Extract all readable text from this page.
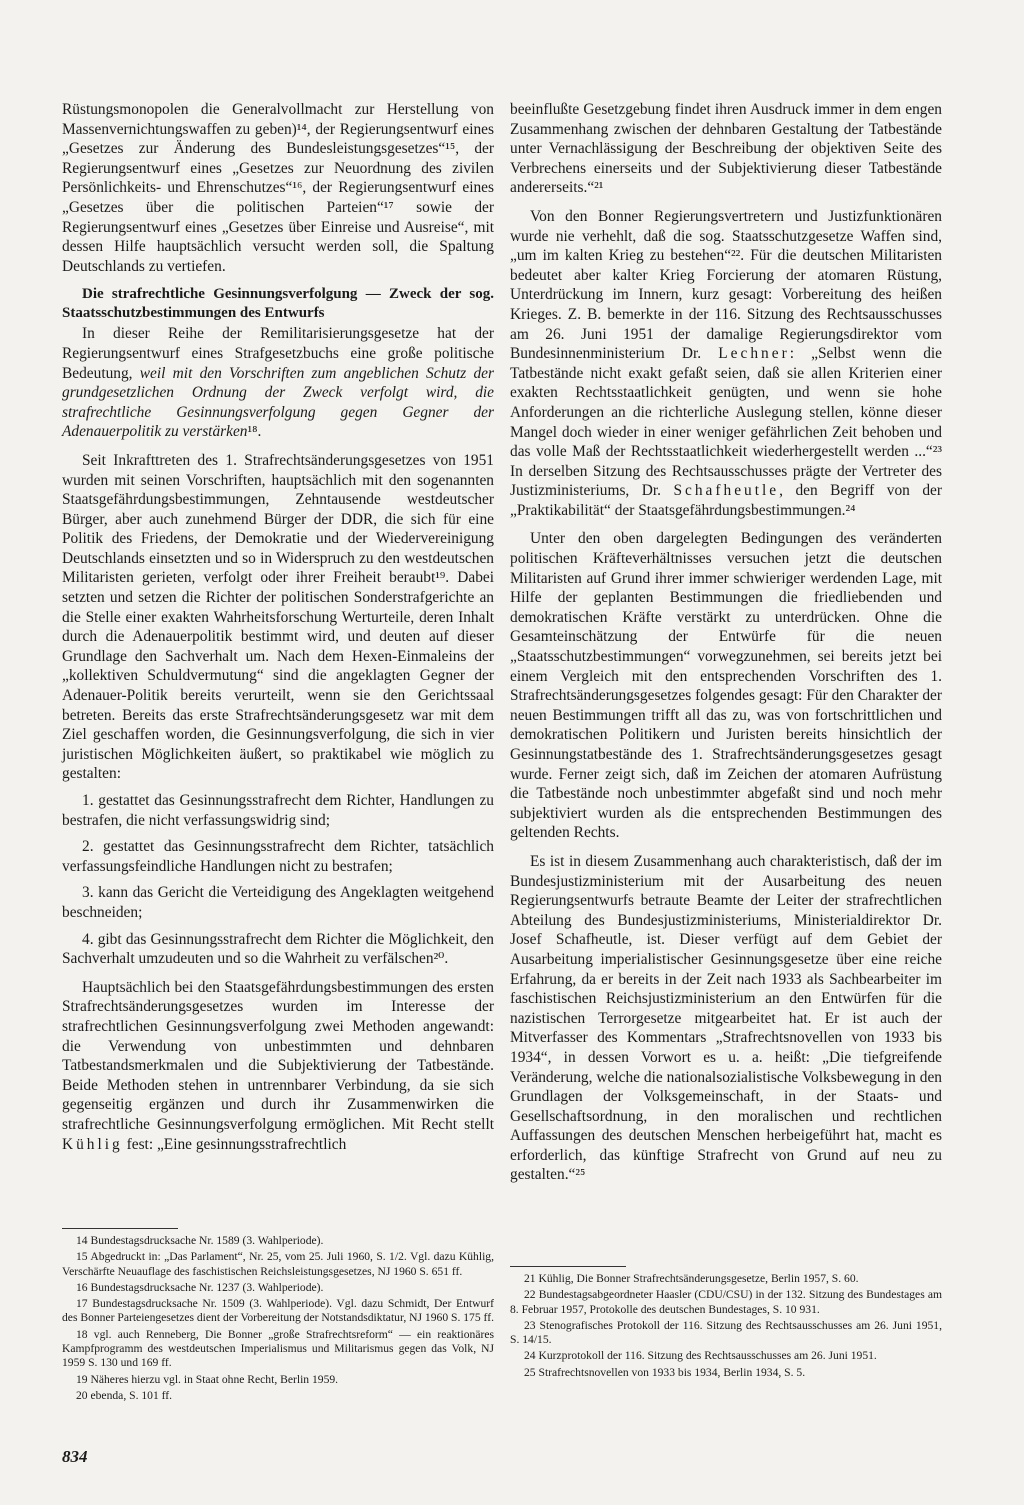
Rüstungsmonopolen die Generalvollmacht zur Herstellung von Massenvernichtungswaffen zu geben)¹⁴, der Regierungsentwurf eines „Gesetzes zur Änderung des Bundesleistungsgesetzes“¹⁵, der Regierungsentwurf eines „Gesetzes zur Neuordnung des zivilen Persönlichkeits- und Ehrenschutzes“¹⁶, der Regierungsentwurf eines „Gesetzes über die politischen Parteien“¹⁷ sowie der Regierungsentwurf eines „Gesetzes über Einreise und Ausreise“, mit dessen Hilfe hauptsächlich versucht werden soll, die Spaltung Deutschlands zu vertiefen.

Die strafrechtliche Gesinnungsverfolgung — Zweck der sog. Staatsschutzbestimmungen des Entwurfs

In dieser Reihe der Remilitarisierungsgesetze hat der Regierungsentwurf eines Strafgesetzbuchs eine große politische Bedeutung, weil mit den Vorschriften zum angeblichen Schutz der grundgesetzlichen Ordnung der Zweck verfolgt wird, die strafrechtliche Gesinnungsverfolgung gegen Gegner der Adenauerpolitik zu verstärken¹⁸.

Seit Inkrafttreten des 1. Strafrechtsänderungsgesetzes von 1951 wurden mit seinen Vorschriften, hauptsächlich mit den sogenannten Staatsgefährdungsbestimmungen, Zehntausende westdeutscher Bürger, aber auch zunehmend Bürger der DDR, die sich für eine Politik des Friedens, der Demokratie und der Wiedervereinigung Deutschlands einsetzten und so in Widerspruch zu den westdeutschen Militaristen gerieten, verfolgt oder ihrer Freiheit beraubt¹⁹. Dabei setzten und setzen die Richter der politischen Sonderstrafgerichte an die Stelle einer exakten Wahrheitsforschung Werturteile, deren Inhalt durch die Adenauerpolitik bestimmt wird, und deuten auf dieser Grundlage den Sachverhalt um. Nach dem Hexen-Einmaleins der „kollektiven Schuldvermutung“ sind die angeklagten Gegner der Adenauer-Politik bereits verurteilt, wenn sie den Gerichtssaal betreten. Bereits das erste Strafrechtsänderungsgesetz war mit dem Ziel geschaffen worden, die Gesinnungsverfolgung, die sich in vier juristischen Möglichkeiten äußert, so praktikabel wie möglich zu gestalten:

1. gestattet das Gesinnungsstrafrecht dem Richter, Handlungen zu bestrafen, die nicht verfassungswidrig sind;

2. gestattet das Gesinnungsstrafrecht dem Richter, tatsächlich verfassungsfeindliche Handlungen nicht zu bestrafen;

3. kann das Gericht die Verteidigung des Angeklagten weitgehend beschneiden;

4. gibt das Gesinnungsstrafrecht dem Richter die Möglichkeit, den Sachverhalt umzudeuten und so die Wahrheit zu verfälschen²⁰.

Hauptsächlich bei den Staatsgefährdungsbestimmungen des ersten Strafrechtsänderungsgesetzes wurden im Interesse der strafrechtlichen Gesinnungsverfolgung zwei Methoden angewandt: die Verwendung von unbestimmten und dehnbaren Tatbestandsmerkmalen und die Subjektivierung der Tatbestände. Beide Methoden stehen in untrennbarer Verbindung, da sie sich gegenseitig ergänzen und durch ihr Zusammenwirken die strafrechtliche Gesinnungsverfolgung ermöglichen. Mit Recht stellt Kühlig fest: „Eine gesinnungsstrafrechtlich

beeinflußte Gesetzgebung findet ihren Ausdruck immer in dem engen Zusammenhang zwischen der dehnbaren Gestaltung der Tatbestände unter Vernachlässigung der Beschreibung der objektiven Seite des Verbrechens einerseits und der Subjektivierung dieser Tatbestände andererseits.“²¹

Von den Bonner Regierungsvertretern und Justizfunktionären wurde nie verhehlt, daß die sog. Staatsschutzgesetze Waffen sind, „um im kalten Krieg zu bestehen“²². Für die deutschen Militaristen bedeutet aber kalter Krieg Forcierung der atomaren Rüstung, Unterdrückung im Innern, kurz gesagt: Vorbereitung des heißen Krieges. Z. B. bemerkte in der 116. Sitzung des Rechtsausschusses am 26. Juni 1951 der damalige Regierungsdirektor vom Bundesinnenministerium Dr. Lechner: „Selbst wenn die Tatbestände nicht exakt gefaßt seien, daß sie allen Kriterien einer exakten Rechtsstaatlichkeit genügten, und wenn sie hohe Anforderungen an die richterliche Auslegung stellen, könne dieser Mangel doch wieder in einer weniger gefährlichen Zeit behoben und das volle Maß der Rechtsstaatlichkeit wiederhergestellt werden ...“²³ In derselben Sitzung des Rechtsausschusses prägte der Vertreter des Justizministeriums, Dr. Schafheutle, den Begriff von der „Praktikabilität“ der Staatsgefährdungsbestimmungen.²⁴

Unter den oben dargelegten Bedingungen des veränderten politischen Kräfteverhältnisses versuchen jetzt die deutschen Militaristen auf Grund ihrer immer schwieriger werdenden Lage, mit Hilfe der geplanten Bestimmungen die friedliebenden und demokratischen Kräfte verstärkt zu unterdrücken. Ohne die Gesamteinschätzung der Entwürfe für die neuen „Staatsschutzbestimmungen“ vorwegzunehmen, sei bereits jetzt bei einem Vergleich mit den entsprechenden Vorschriften des 1. Strafrechtsänderungsgesetzes folgendes gesagt: Für den Charakter der neuen Bestimmungen trifft all das zu, was von fortschrittlichen und demokratischen Politikern und Juristen bereits hinsichtlich der Gesinnungstatbestände des 1. Strafrechtsänderungsgesetzes gesagt wurde. Ferner zeigt sich, daß im Zeichen der atomaren Aufrüstung die Tatbestände noch unbestimmter abgefaßt sind und noch mehr subjektiviert wurden als die entsprechenden Bestimmungen des geltenden Rechts.

Es ist in diesem Zusammenhang auch charakteristisch, daß der im Bundesjustizministerium mit der Ausarbeitung des neuen Regierungsentwurfs betraute Beamte der Leiter der strafrechtlichen Abteilung des Bundesjustizministeriums, Ministerialdirektor Dr. Josef Schafheutle, ist. Dieser verfügt auf dem Gebiet der Ausarbeitung imperialistischer Gesinnungsgesetze über eine reiche Erfahrung, da er bereits in der Zeit nach 1933 als Sachbearbeiter im faschistischen Reichsjustizministerium an den Entwürfen für die nazistischen Terrorgesetze mitgearbeitet hat. Er ist auch der Mitverfasser des Kommentars „Strafrechtsnovellen von 1933 bis 1934“, in dessen Vorwort es u. a. heißt: „Die tiefgreifende Veränderung, welche die nationalsozialistische Volksbewegung in den Grundlagen der Volksgemeinschaft, in der Staats- und Gesellschaftsordnung, in den moralischen und rechtlichen Auffassungen des deutschen Menschen herbeigeführt hat, macht es erforderlich, das künftige Strafrecht von Grund auf neu zu gestalten.“²⁵

14 Bundestagsdrucksache Nr. 1589 (3. Wahlperiode).

15 Abgedruckt in: „Das Parlament“, Nr. 25, vom 25. Juli 1960, S. 1/2. Vgl. dazu Kühlig, Verschärfte Neuauflage des faschistischen Reichsleistungsgesetzes, NJ 1960 S. 651 ff.

16 Bundestagsdrucksache Nr. 1237 (3. Wahlperiode).

17 Bundestagsdrucksache Nr. 1509 (3. Wahlperiode). Vgl. dazu Schmidt, Der Entwurf des Bonner Parteiengesetzes dient der Vorbereitung der Notstandsdiktatur, NJ 1960 S. 175 ff.

18 vgl. auch Renneberg, Die Bonner „große Strafrechtsreform“ — ein reaktionäres Kampfprogramm des westdeutschen Imperialismus und Militarismus gegen das Volk, NJ 1959 S. 130 und 169 ff.

19 Näheres hierzu vgl. in Staat ohne Recht, Berlin 1959.

20 ebenda, S. 101 ff.

21 Kühlig, Die Bonner Strafrechtsänderungsgesetze, Berlin 1957, S. 60.

22 Bundestagsabgeordneter Haasler (CDU/CSU) in der 132. Sitzung des Bundestages am 8. Februar 1957, Protokolle des deutschen Bundestages, S. 10 931.

23 Stenografisches Protokoll der 116. Sitzung des Rechtsausschusses am 26. Juni 1951, S. 14/15.

24 Kurzprotokoll der 116. Sitzung des Rechtsausschusses am 26. Juni 1951.

25 Strafrechtsnovellen von 1933 bis 1934, Berlin 1934, S. 5.

834
